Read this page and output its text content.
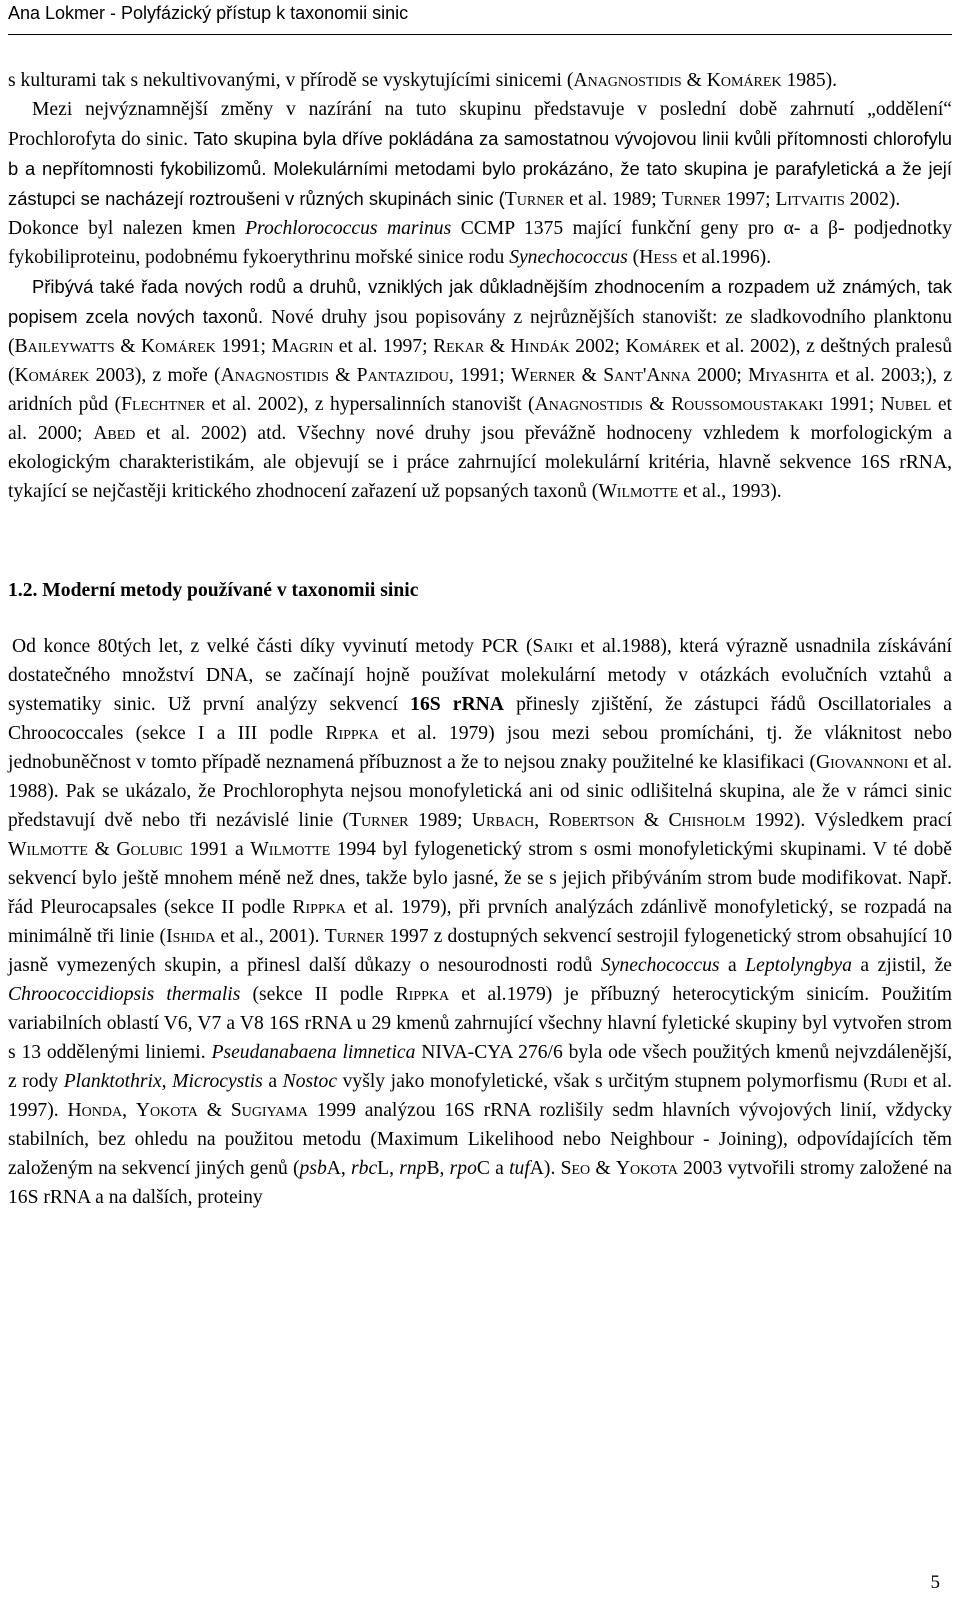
Ana Lokmer - Polyfázický přístup k taxonomii sinic

s kulturami tak s nekultivovanými, v přírodě se vyskytujícími sinicemi (Anagnostidis & Komárek 1985).

Mezi nejvýznamnější změny v nazírání na tuto skupinu představuje v poslední době zahrnutí „oddělení“ Prochlorofyta do sinic. Tato skupina byla dříve pokládána za samostatnou vývojovou linii kvůli přítomnosti chlorofylu b a nepřítomnosti fykobilizomů. Molekulárními metodami bylo prokázáno, že tato skupina je parafyletická a že její zástupci se nacházejí roztroušeni v různých skupinách sinic (Turner et al. 1989; Turner 1997; Litvaitis 2002).

Dokonce byl nalezen kmen Prochlorococcus marinus CCMP 1375 mající funkční geny pro α- a β- podjednotky fykobiliproteinu, podobnému fykoerythrinu mořské sinice rodu Synechococcus (Hess et al.1996).

Přibývá také řada nových rodů a druhů, vzniklých jak důkladnějším zhodnocením a rozpadem už známých, tak popisem zcela nových taxonů. Nové druhy jsou popisovány z nejrůznějších stanovišt: ze sladkovodního planktonu (Baileywatts & Komárek 1991; Magrin et al. 1997; Rekar & Hindák 2002; Komárek et al. 2002), z deštných pralesů (Komárek 2003), z moře (Anagnostidis & Pantazidou, 1991; Werner & Sant'Anna 2000; Miyashita et al. 2003;), z aridních půd (Flechtner et al. 2002), z hypersalinních stanovišt (Anagnostidis & Roussomoustakaki 1991; Nubel et al. 2000; Abed et al. 2002) atd. Všechny nové druhy jsou převážně hodnoceny vzhledem k morfologickým a ekologickým charakteristikám, ale objevují se i práce zahrnující molekulární kritéria, hlavně sekvence 16S rRNA, tykající se nejčastěji kritického zhodnocení zařazení už popsaných taxonů (Wilmotte et al., 1993).

1.2. Moderní metody používané v taxonomii sinic

Od konce 80tých let, z velké části díky vyvinutí metody PCR (Saiki et al.1988), která výrazně usnadnila získávání dostatečného množství DNA, se začínají hojně používat molekulární metody v otázkách evolučních vztahů a systematiky sinic. Už první analýzy sekvencí 16S rRNA přinesly zjištění, že zástupci řádů Oscillatoriales a Chroococcales (sekce I a III podle Rippka et al. 1979) jsou mezi sebou promícháni, tj. že vláknitost nebo jednobuněčnost v tomto případě neznamená příbuznost a že to nejsou znaky použitelné ke klasifikaci (Giovannoni et al. 1988). Pak se ukázalo, že Prochlorophyta nejsou monofyletická ani od sinic odlišitelná skupina, ale že v rámci sinic představují dvě nebo tři nezávislé linie (Turner 1989; Urbach, Robertson & Chisholm 1992). Výsledkem prací Wilmotte & Golubic 1991 a Wilmotte 1994 byl fylogenetický strom s osmi monofyletickými skupinami. V té době sekvencí bylo ještě mnohem méně než dnes, takže bylo jasné, že se s jejich přibýváním strom bude modifikovat. Např. řád Pleurocapsales (sekce II podle Rippka et al. 1979), při prvních analýzách zdánlivě monofyletický, se rozpadá na minimálně tři linie (Ishida et al., 2001). Turner 1997 z dostupných sekvencí sestrojil fylogenetický strom obsahující 10 jasně vymezených skupin, a přinesl další důkazy o nesourodnosti rodů Synechococcus a Leptolyngbya a zjistil, že Chroococcidiopsis thermalis (sekce II podle Rippka et al.1979) je příbuzný heterocytickým sinicím. Použitím variabilních oblastí V6, V7 a V8 16S rRNA u 29 kmenů zahrnující všechny hlavní fyletické skupiny byl vytvořen strom s 13 oddělenými liniemi. Pseudanabaena limnetica NIVA-CYA 276/6 byla ode všech použitých kmenů nejvzdálenější, z rody Planktothrix, Microcystis a Nostoc vyšly jako monofyletické, však s určitým stupnem polymorfismu (Rudi et al. 1997). Honda, Yokota & Sugiyama 1999 analýzou 16S rRNA rozlišily sedm hlavních vývojových linií, vždycky stabilních, bez ohledu na použitou metodu (Maximum Likelihood nebo Neighbour - Joining), odpovídajících těm založeným na sekvencí jiných genů (psbA, rbcL, rnpB, rpoC a tufA). Seo & Yokota 2003 vytvořili stromy založené na 16S rRNA a na dalších, proteiny

5
